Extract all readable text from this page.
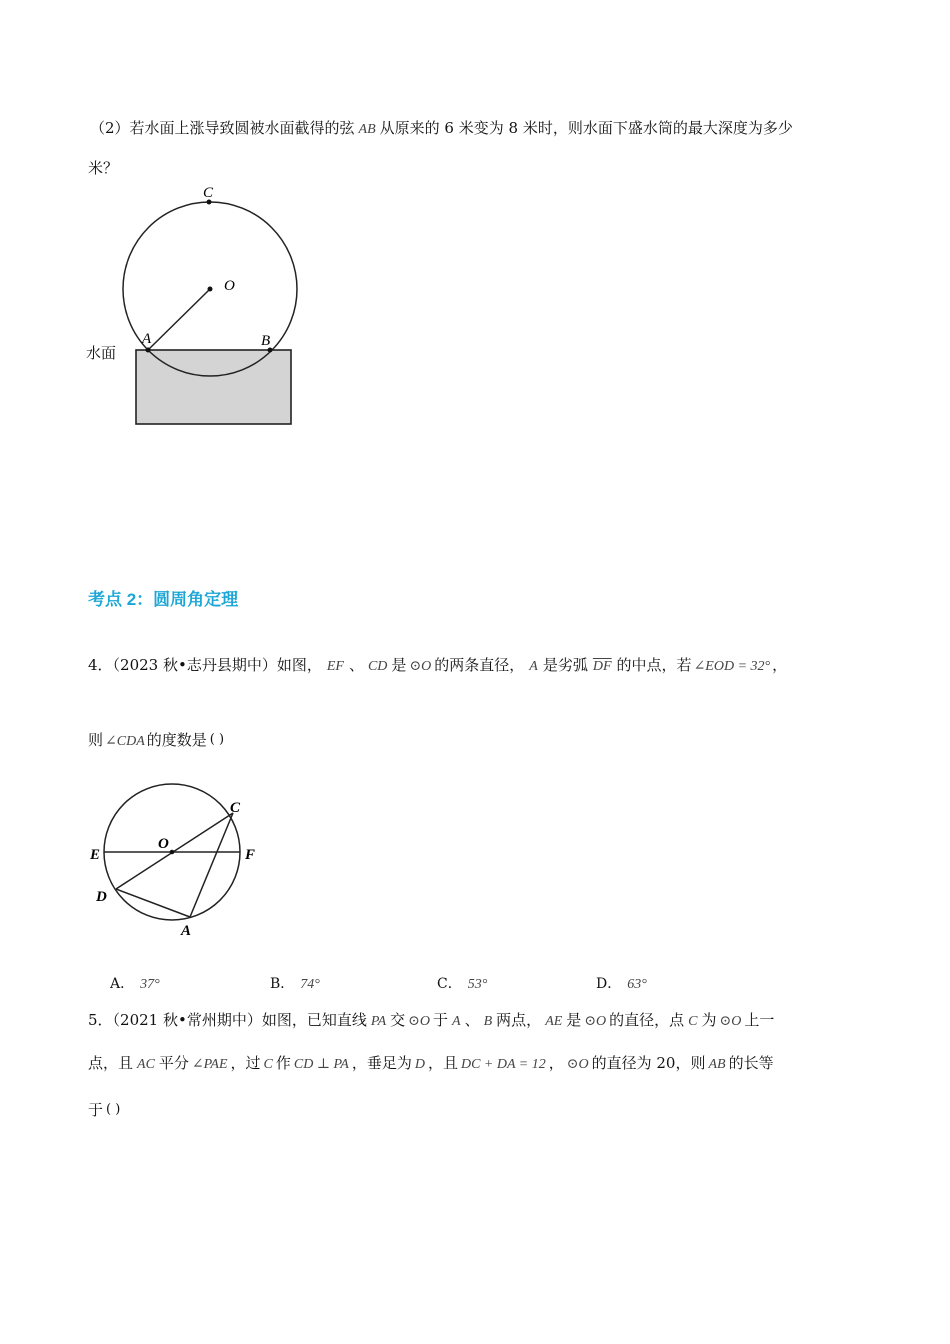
（2）若水面上涨导致圆被水面截得的弦 AB 从原来的 6 米变为 8 米时，则水面下盛水筒的最大深度为多少
米？
C
O
A	B
水面
考点 2：圆周角定理
4．（2023 秋•志丹县期中）如图， EF 、 CD 是 ⊙O 的两条直径， A 是劣弧 $\overline{DF}$ 的中点，若 ∠EOD = 32° ，
则 ∠CDA 的度数是 ( )
E
O
F
C
D
A
A． 37°	B． 74°	C． 53°	D． 63°
5．（2021 秋•常州期中）如图，已知直线 PA 交 ⊙O 于 A 、 B 两点， AE 是 ⊙O 的直径，点 C 为 ⊙O 上一
点，且 AC 平分 ∠PAE ，过 C 作 CD ⊥ PA ，垂足为 D ，且 DC + DA = 12 ， ⊙O 的直径为 20，则 AB 的长等
于 ( )
